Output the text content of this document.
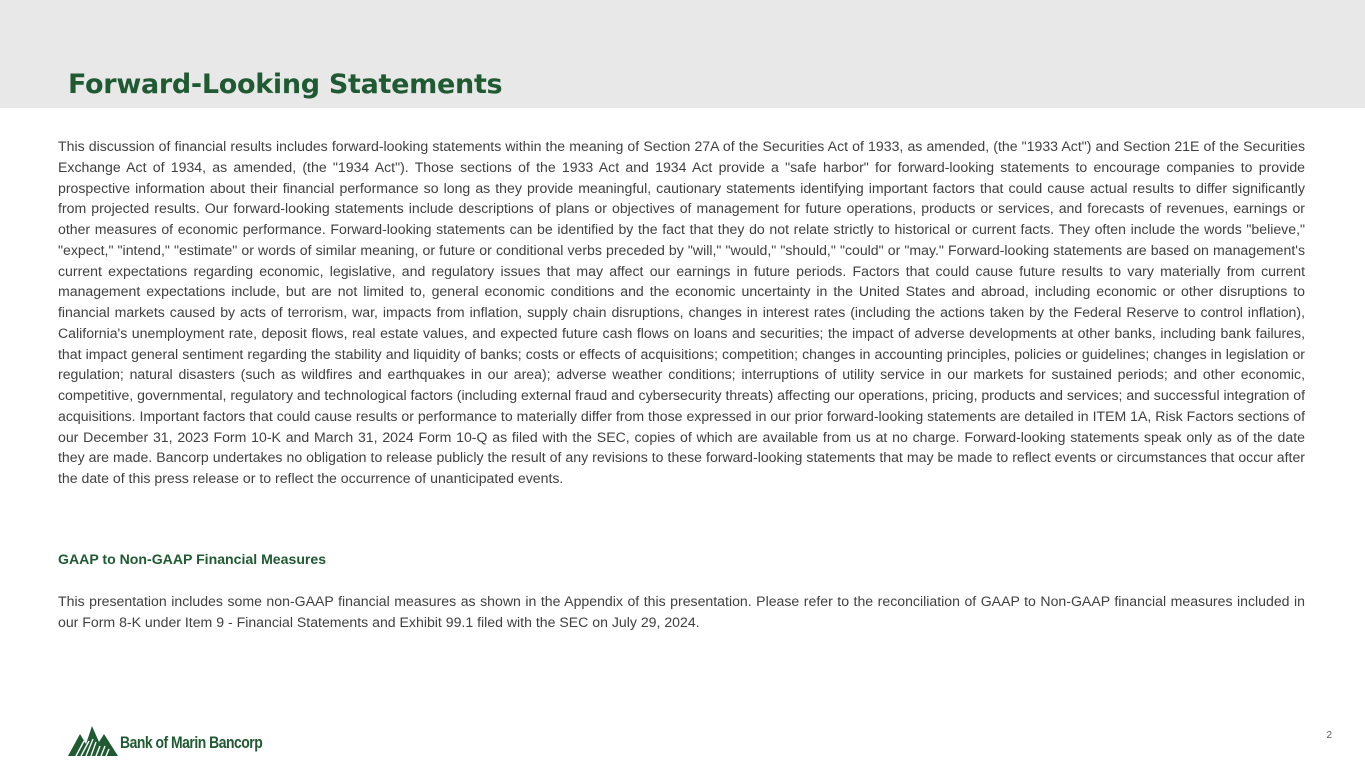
Forward-Looking Statements

This discussion of financial results includes forward-looking statements within the meaning of Section 27A of the Securities Act of 1933, as amended, (the "1933 Act") and Section 21E of the Securities Exchange Act of 1934, as amended, (the "1934 Act"). Those sections of the 1933 Act and 1934 Act provide a "safe harbor" for forward-looking statements to encourage companies to provide prospective information about their financial performance so long as they provide meaningful, cautionary statements identifying important factors that could cause actual results to differ significantly from projected results. Our forward-looking statements include descriptions of plans or objectives of management for future operations, products or services, and forecasts of revenues, earnings or other measures of economic performance. Forward-looking statements can be identified by the fact that they do not relate strictly to historical or current facts. They often include the words "believe," "expect," "intend," "estimate" or words of similar meaning, or future or conditional verbs preceded by "will," "would," "should," "could" or "may." Forward-looking statements are based on management's current expectations regarding economic, legislative, and regulatory issues that may affect our earnings in future periods. Factors that could cause future results to vary materially from current management expectations include, but are not limited to, general economic conditions and the economic uncertainty in the United States and abroad, including economic or other disruptions to financial markets caused by acts of terrorism, war, impacts from inflation, supply chain disruptions, changes in interest rates (including the actions taken by the Federal Reserve to control inflation), California's unemployment rate, deposit flows, real estate values, and expected future cash flows on loans and securities; the impact of adverse developments at other banks, including bank failures, that impact general sentiment regarding the stability and liquidity of banks; costs or effects of acquisitions; competition; changes in accounting principles, policies or guidelines; changes in legislation or regulation; natural disasters (such as wildfires and earthquakes in our area); adverse weather conditions; interruptions of utility service in our markets for sustained periods; and other economic, competitive, governmental, regulatory and technological factors (including external fraud and cybersecurity threats) affecting our operations, pricing, products and services; and successful integration of acquisitions. Important factors that could cause results or performance to materially differ from those expressed in our prior forward-looking statements are detailed in ITEM 1A, Risk Factors sections of our December 31, 2023 Form 10-K and March 31, 2024 Form 10-Q as filed with the SEC, copies of which are available from us at no charge. Forward-looking statements speak only as of the date they are made. Bancorp undertakes no obligation to release publicly the result of any revisions to these forward-looking statements that may be made to reflect events or circumstances that occur after the date of this press release or to reflect the occurrence of unanticipated events.

GAAP to Non-GAAP Financial Measures

This presentation includes some non-GAAP financial measures as shown in the Appendix of this presentation. Please refer to the reconciliation of GAAP to Non-GAAP financial measures included in our Form 8-K under Item 9 - Financial Statements and Exhibit 99.1 filed with the SEC on July 29, 2024.

Bank of Marin Bancorp	2
